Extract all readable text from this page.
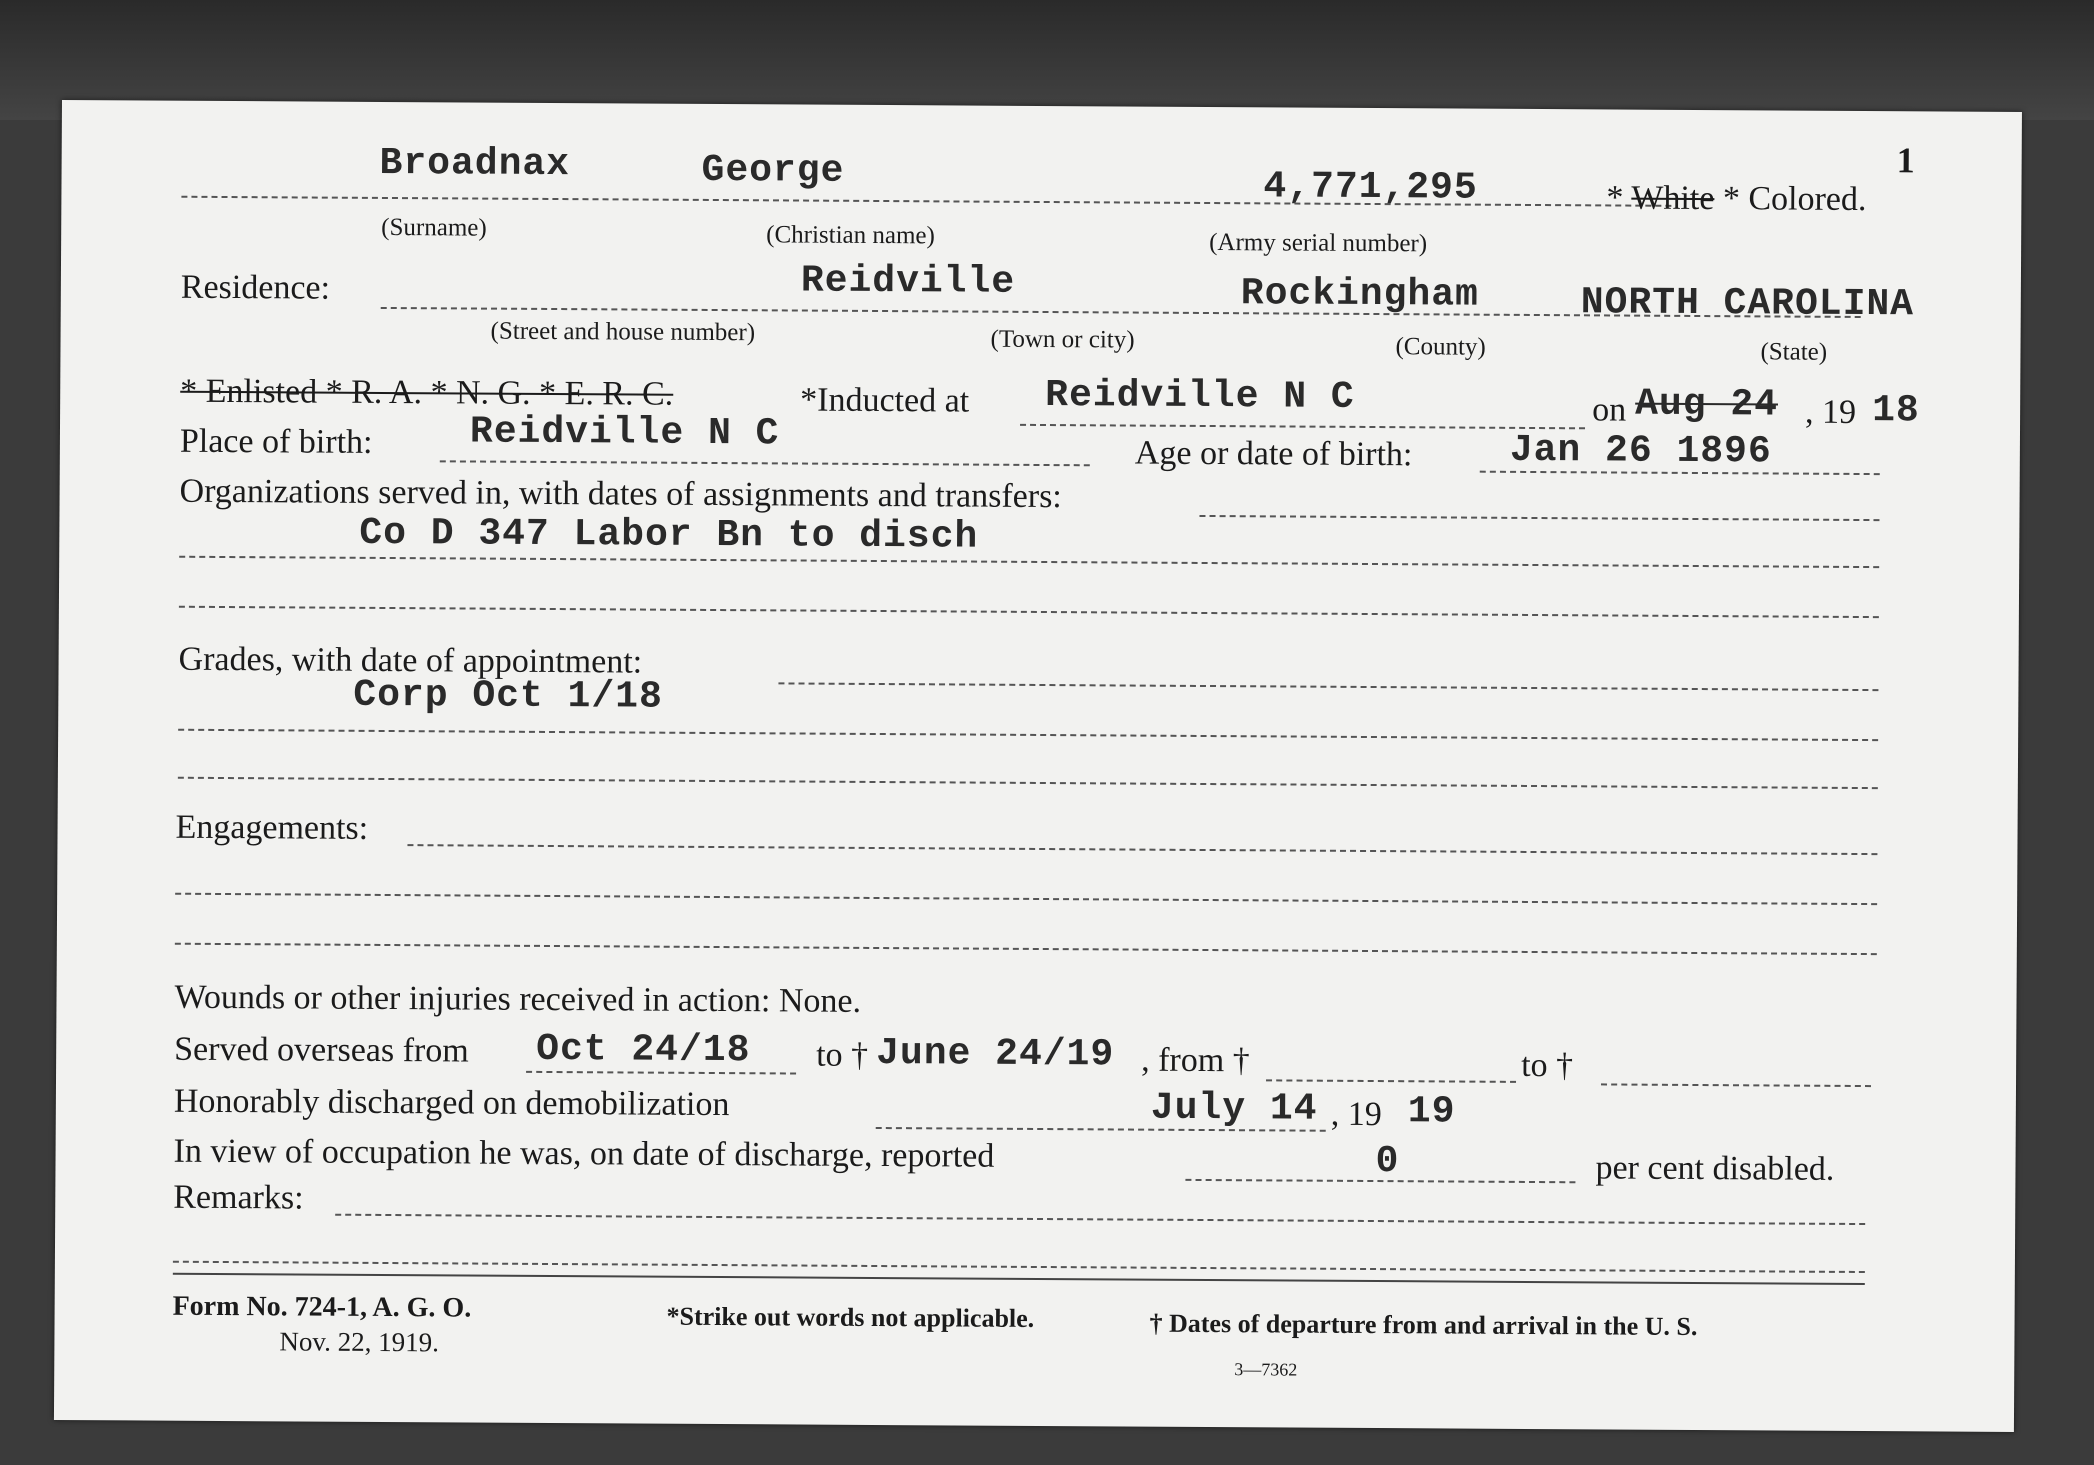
1
Broadnax	George	4,771,295	* White * Colored.
(Surname)	(Christian name)	(Army serial number)
Residence:	Reidville	Rockingham	NORTH CAROLINA
(Street and house number)	(Town or city)	(County)	(State)
* Enlisted * R. A. * N. G. * E. R. C.	*Inducted at Reidville N C	on Aug 24 , 19 18
Place of birth:	Reidville N C	Age or date of birth:	Jan 26 1896
Organizations served in, with dates of assignments and transfers:
Co D 347 Labor Bn to disch
Grades, with date of appointment:
Corp Oct 1/18
Engagements:
Wounds or other injuries received in action: None.
Served overseas from Oct 24/18 to † June 24/19 , from †	to †
Honorably discharged on demobilization	July 14 , 19 19
In view of occupation he was, on date of discharge, reported	0	per cent disabled.
Remarks:
Form No. 724-1, A. G. O.
Nov. 22, 1919.
*Strike out words not applicable.	† Dates of departure from and arrival in the U. S.
3—7362
